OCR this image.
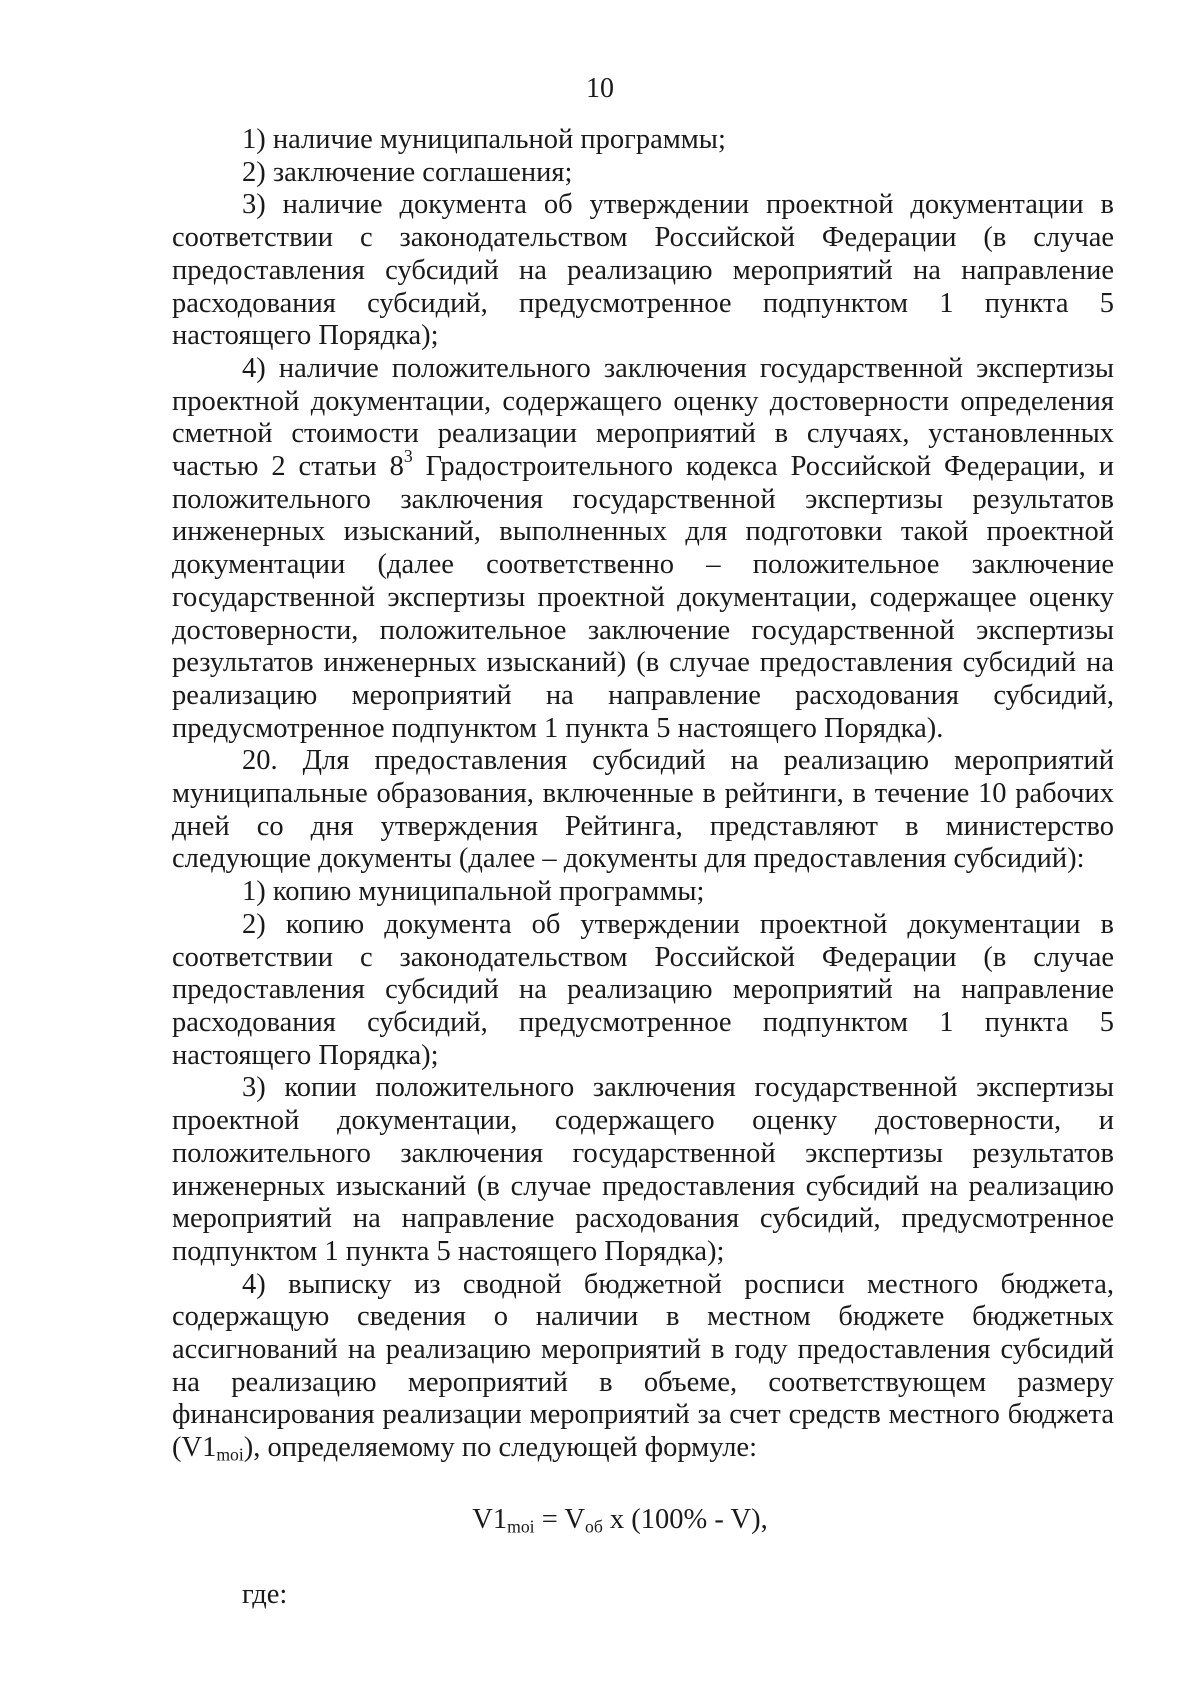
10

1) наличие муниципальной программы;

2) заключение соглашения;

3) наличие документа об утверждении проектной документации в соответствии с законодательством Российской Федерации (в случае предоставления субсидий на реализацию мероприятий на направление расходования субсидий, предусмотренное подпунктом 1 пункта 5 настоящего Порядка);

4) наличие положительного заключения государственной экспертизы проектной документации, содержащего оценку достоверности определения сметной стоимости реализации мероприятий в случаях, установленных частью 2 статьи $8^3$ Градостроительного кодекса Российской Федерации, и положительного заключения государственной экспертизы результатов инженерных изысканий, выполненных для подготовки такой проектной документации (далее соответственно – положительное заключение государственной экспертизы проектной документации, содержащее оценку достоверности, положительное заключение государственной экспертизы результатов инженерных изысканий) (в случае предоставления субсидий на реализацию мероприятий на направление расходования субсидий, предусмотренное подпунктом 1 пункта 5 настоящего Порядка).

20. Для предоставления субсидий на реализацию мероприятий муниципальные образования, включенные в рейтинги, в течение 10 рабочих дней со дня утверждения Рейтинга, представляют в министерство следующие документы (далее – документы для предоставления субсидий):

1) копию муниципальной программы;

2) копию документа об утверждении проектной документации в соответствии с законодательством Российской Федерации (в случае предоставления субсидий на реализацию мероприятий на направление расходования субсидий, предусмотренное подпунктом 1 пункта 5 настоящего Порядка);

3) копии положительного заключения государственной экспертизы проектной документации, содержащего оценку достоверности, и положительного заключения государственной экспертизы результатов инженерных изысканий (в случае предоставления субсидий на реализацию мероприятий на направление расходования субсидий, предусмотренное подпунктом 1 пункта 5 настоящего Порядка);

4) выписку из сводной бюджетной росписи местного бюджета, содержащую сведения о наличии в местном бюджете бюджетных ассигнований на реализацию мероприятий в году предоставления субсидий на реализацию мероприятий в объеме, соответствующем размеру финансирования реализации мероприятий за счет средств местного бюджета $(V1_{moi})$, определяемому по следующей формуле:

$V1_{moi} = V_{об}$ x (100% - V),
где:
